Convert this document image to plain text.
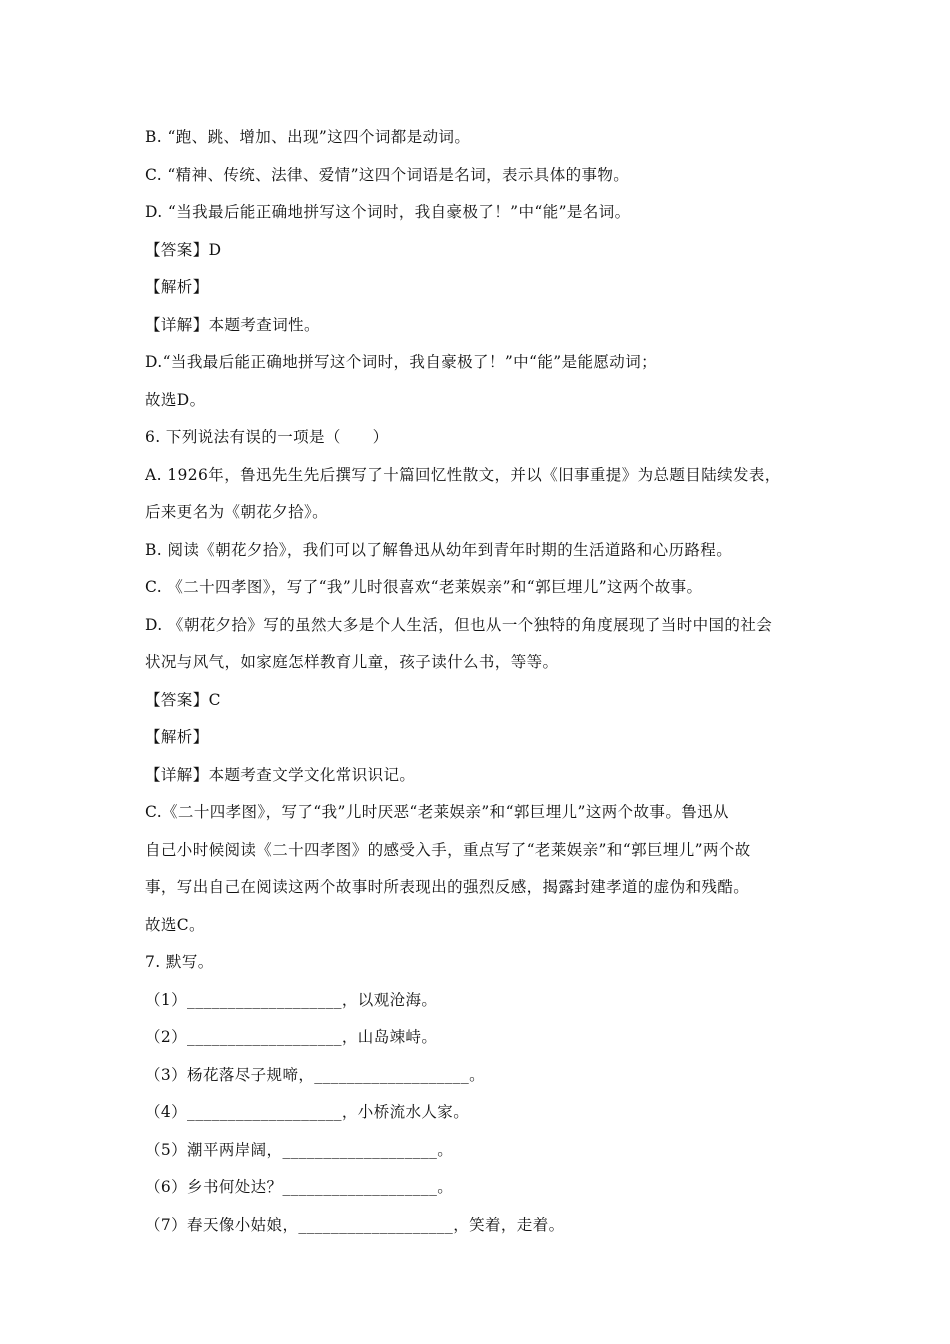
B. “跑、跳、增加、出现”这四个词都是动词。
C. “精神、传统、法律、爱情”这四个词语是名词，表示具体的事物。
D. “当我最后能正确地拼写这个词时，我自豪极了！”中“能”是名词。
【答案】D
【解析】
【详解】本题考查词性。
D.“当我最后能正确地拼写这个词时，我自豪极了！”中“能”是能愿动词；
故选D。
6. 下列说法有误的一项是（　　）
A. 1926年，鲁迅先生先后撰写了十篇回忆性散文，并以《旧事重提》为总题目陆续发表，
后来更名为《朝花夕拾》。
B. 阅读《朝花夕拾》，我们可以了解鲁迅从幼年到青年时期的生活道路和心历路程。
C. 《二十四孝图》，写了“我”儿时很喜欢“老莱娱亲”和“郭巨埋儿”这两个故事。
D. 《朝花夕拾》写的虽然大多是个人生活，但也从一个独特的角度展现了当时中国的社会
状况与风气，如家庭怎样教育儿童，孩子读什么书，等等。
【答案】C
【解析】
【详解】本题考查文学文化常识识记。
C.《二十四孝图》，写了“我”儿时厌恶“老莱娱亲”和“郭巨埋儿”这两个故事。鲁迅从
自己小时候阅读《二十四孝图》的感受入手，重点写了“老莱娱亲”和“郭巨埋儿”两个故
事，写出自己在阅读这两个故事时所表现出的强烈反感，揭露封建孝道的虚伪和残酷。
故选C。
7. 默写。
（1）___________________，以观沧海。
（2）___________________，山岛竦峙。
（3）杨花落尽子规啼，___________________。
（4）___________________，小桥流水人家。
（5）潮平两岸阔，___________________。
（6）乡书何处达？___________________。
（7）春天像小姑娘，___________________，笑着，走着。
